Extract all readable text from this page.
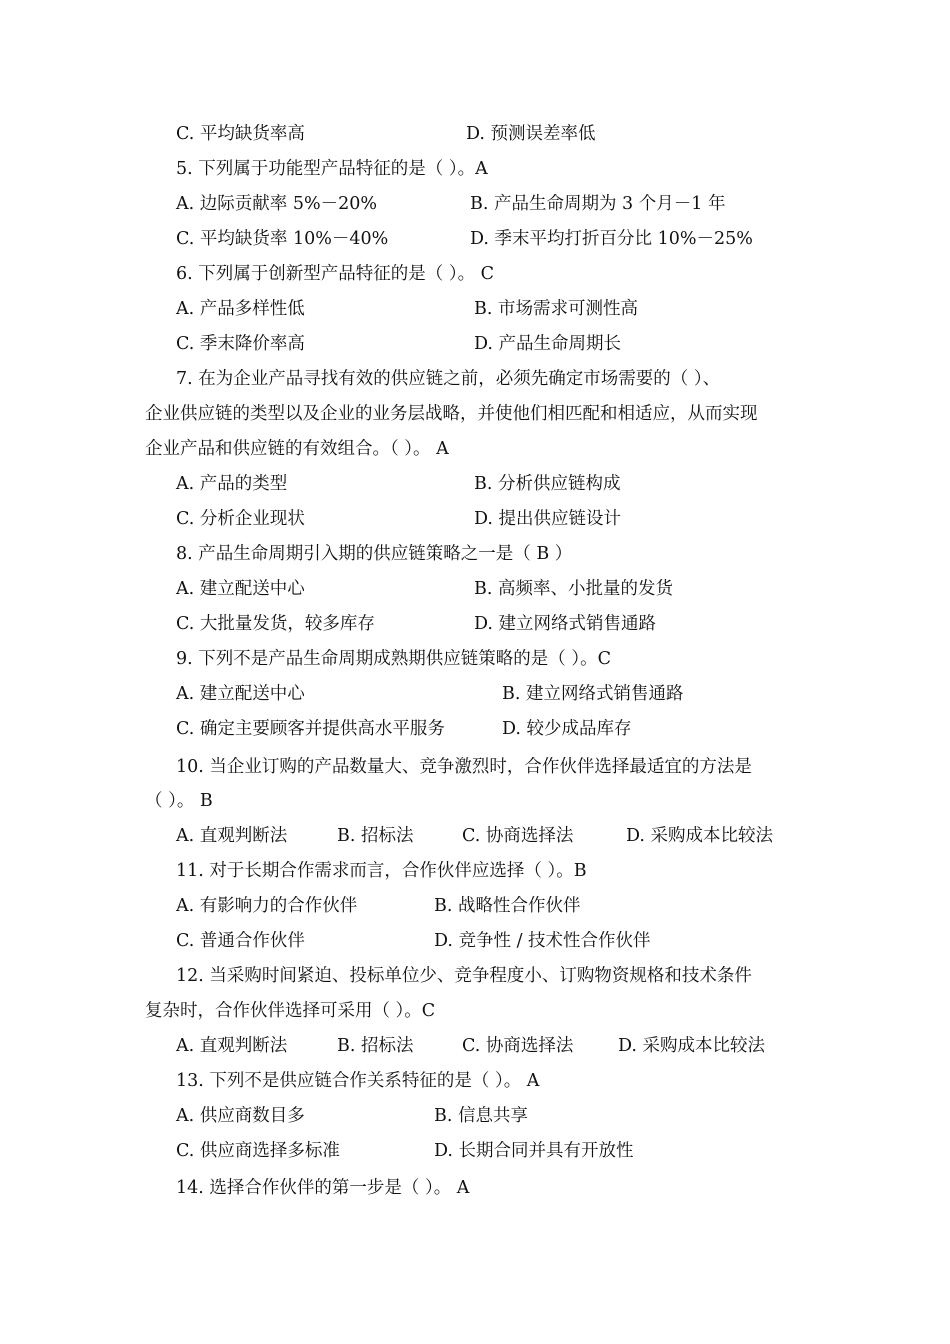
C. 平均缺货率高	D. 预测误差率低
5. 下列属于功能型产品特征的是（ ）。A
A. 边际贡献率 5%－20%	B. 产品生命周期为 3 个月－1 年
C. 平均缺货率 10%－40%	D. 季末平均打折百分比 10%－25%
6. 下列属于创新型产品特征的是（ ）。 C
A. 产品多样性低	B. 市场需求可测性高
C. 季末降价率高	D. 产品生命周期长
7. 在为企业产品寻找有效的供应链之前，必须先确定市场需要的（ ）、
企业供应链的类型以及企业的业务层战略，并使他们相匹配和相适应，从而实现
企业产品和供应链的有效组合。（ ）。 A
A. 产品的类型	B. 分析供应链构成
C. 分析企业现状	D. 提出供应链设计
8. 产品生命周期引入期的供应链策略之一是（ B ）
A. 建立配送中心	B. 高频率、小批量的发货
C. 大批量发货，较多库存	D. 建立网络式销售通路
9. 下列不是产品生命周期成熟期供应链策略的是（ ）。C
A. 建立配送中心	B. 建立网络式销售通路
C. 确定主要顾客并提供高水平服务	D. 较少成品库存
10. 当企业订购的产品数量大、竞争激烈时，合作伙伴选择最适宜的方法是
（ ）。 B
A. 直观判断法	B. 招标法	C. 协商选择法	D. 采购成本比较法
11. 对于长期合作需求而言，合作伙伴应选择（ ）。B
A. 有影响力的合作伙伴	B. 战略性合作伙伴
C. 普通合作伙伴	D. 竞争性 / 技术性合作伙伴
12. 当采购时间紧迫、投标单位少、竞争程度小、订购物资规格和技术条件
复杂时，合作伙伴选择可采用（ ）。C
A. 直观判断法	B. 招标法	C. 协商选择法	D. 采购成本比较法
13. 下列不是供应链合作关系特征的是（ ）。 A
A. 供应商数目多	B. 信息共享
C. 供应商选择多标准	D. 长期合同并具有开放性
14. 选择合作伙伴的第一步是（ ）。 A
